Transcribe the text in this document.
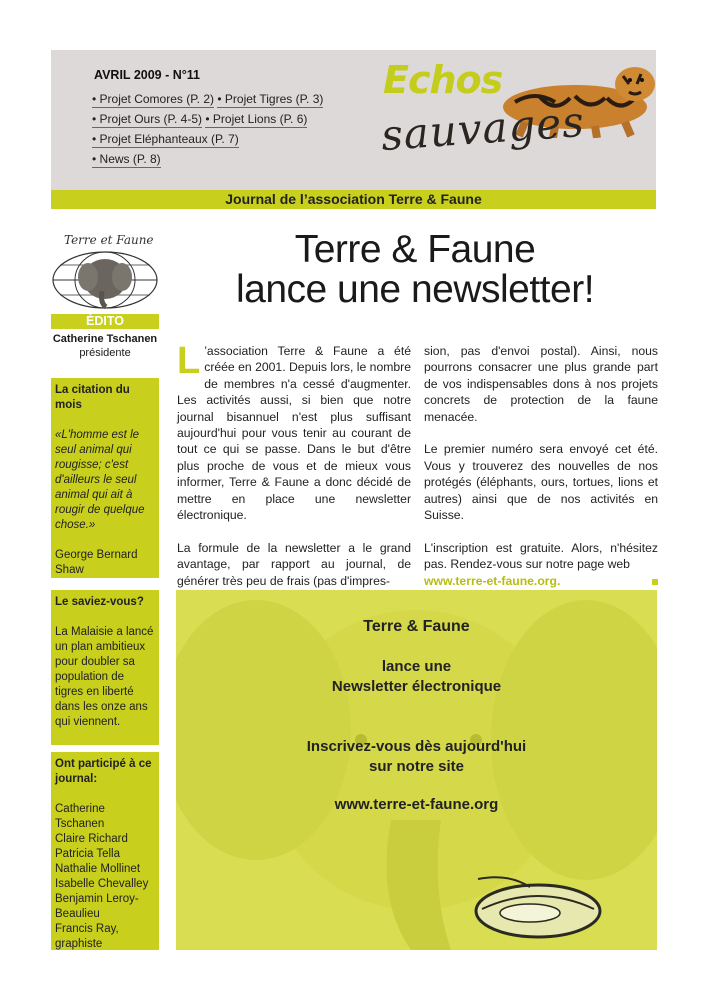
AVRIL 2009 - N°11
• Projet Comores (P. 2) • Projet Tigres (P. 3)
• Projet Ours (P. 4-5) • Projet Lions (P. 6)
• Projet Eléphanteaux (P. 7)
• News (P. 8)
Echos
sauvages
Journal de l’association Terre & Faune
Terre et Faune
ÉDITO
Catherine Tschanen
présidente
La citation du mois
«L'homme est le seul animal qui rougisse; c'est d'ailleurs le seul animal qui ait à rougir de quelque chose.»
George Bernard Shaw
Le saviez-vous?
La Malaisie a lancé un plan ambitieux pour doubler sa population de tigres en liberté dans les onze ans qui viennent.
Ont participé à ce journal:
Catherine Tschanen
Claire Richard
Patricia Tella
Nathalie Mollinet
Isabelle Chevalley
Benjamin Leroy-Beaulieu
Francis Ray, graphiste
Terre & Faune
lance une newsletter!

L ’association Terre & Faune a été créée en 2001. Depuis lors, le nombre de membres n'a cessé d'augmenter. Les activités aussi, si bien que notre journal bisannuel n'est plus suffisant aujourd'hui pour vous tenir au courant de tout ce qui se passe. Dans le but d'être plus proche de vous et de mieux vous informer, Terre & Faune a donc décidé de mettre en place une newsletter électronique.

La formule de la newsletter a le grand avantage, par rapport au journal, de générer très peu de frais (pas d'impres-

sion, pas d'envoi postal). Ainsi, nous pourrons consacrer une plus grande part de vos indispensables dons à nos projets concrets de protection de la faune menacée.

Le premier numéro sera envoyé cet été. Vous y trouverez des nouvelles de nos protégés (éléphants, ours, tortues, lions et autres) ainsi que de nos activités en Suisse.

L'inscription est gratuite. Alors, n'hésitez pas. Rendez-vous sur notre page web
www.terre-et-faune.org.

Terre & Faune
lance une
Newsletter électronique
Inscrivez-vous dès aujourd'hui
sur notre site
www.terre-et-faune.org
